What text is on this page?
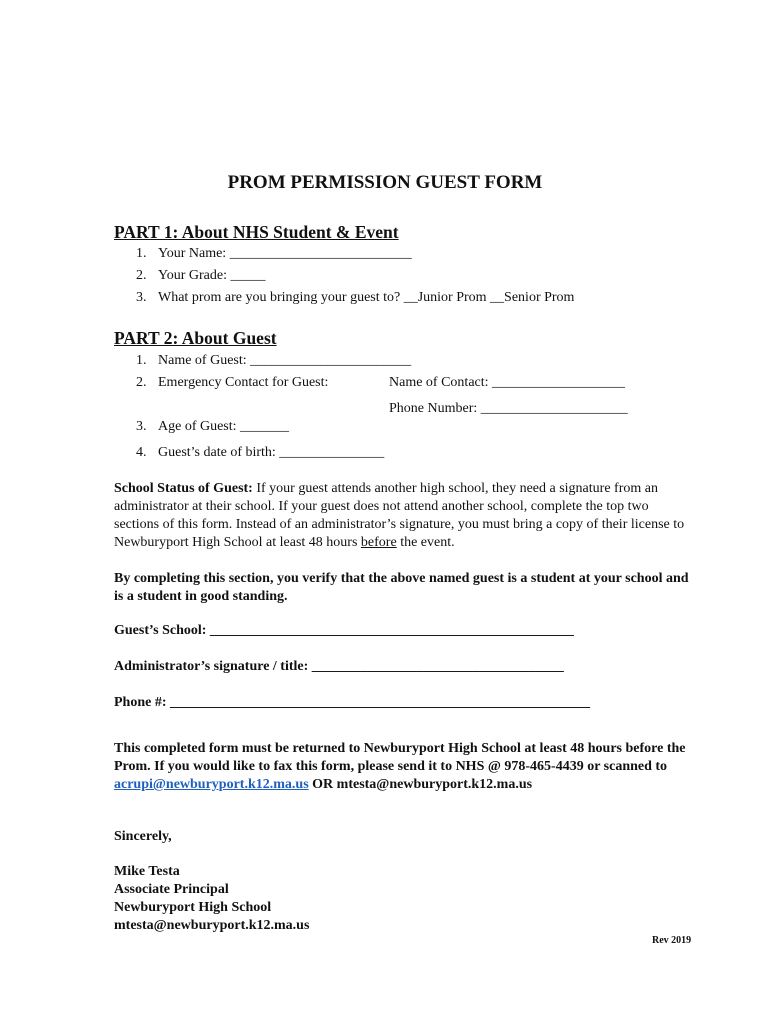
PROM PERMISSION GUEST FORM
PART 1: About NHS Student & Event
1. Your Name: __________________________
2. Your Grade: _____
3. What prom are you bringing your guest to? __Junior Prom __Senior Prom
PART 2: About Guest
1. Name of Guest: _______________________
2. Emergency Contact for Guest:	Name of Contact: ___________________
Phone Number: _____________________
3. Age of Guest: _______
4. Guest’s date of birth: _______________
School Status of Guest: If your guest attends another high school, they need a signature from an administrator at their school. If your guest does not attend another school, complete the top two sections of this form. Instead of an administrator’s signature, you must bring a copy of their license to Newburyport High School at least 48 hours before the event.
By completing this section, you verify that the above named guest is a student at your school and is a student in good standing.
Guest’s School: ____________________________________________________
Administrator’s signature / title: ____________________________________
Phone #: ____________________________________________________________
This completed form must be returned to Newburyport High School at least 48 hours before the Prom. If you would like to fax this form, please send it to NHS @ 978-465-4439 or scanned to acrupi@newburyport.k12.ma.us OR mtesta@newburyport.k12.ma.us
Sincerely,
Mike Testa
Associate Principal
Newburyport High School
mtesta@newburyport.k12.ma.us
Rev 2019
